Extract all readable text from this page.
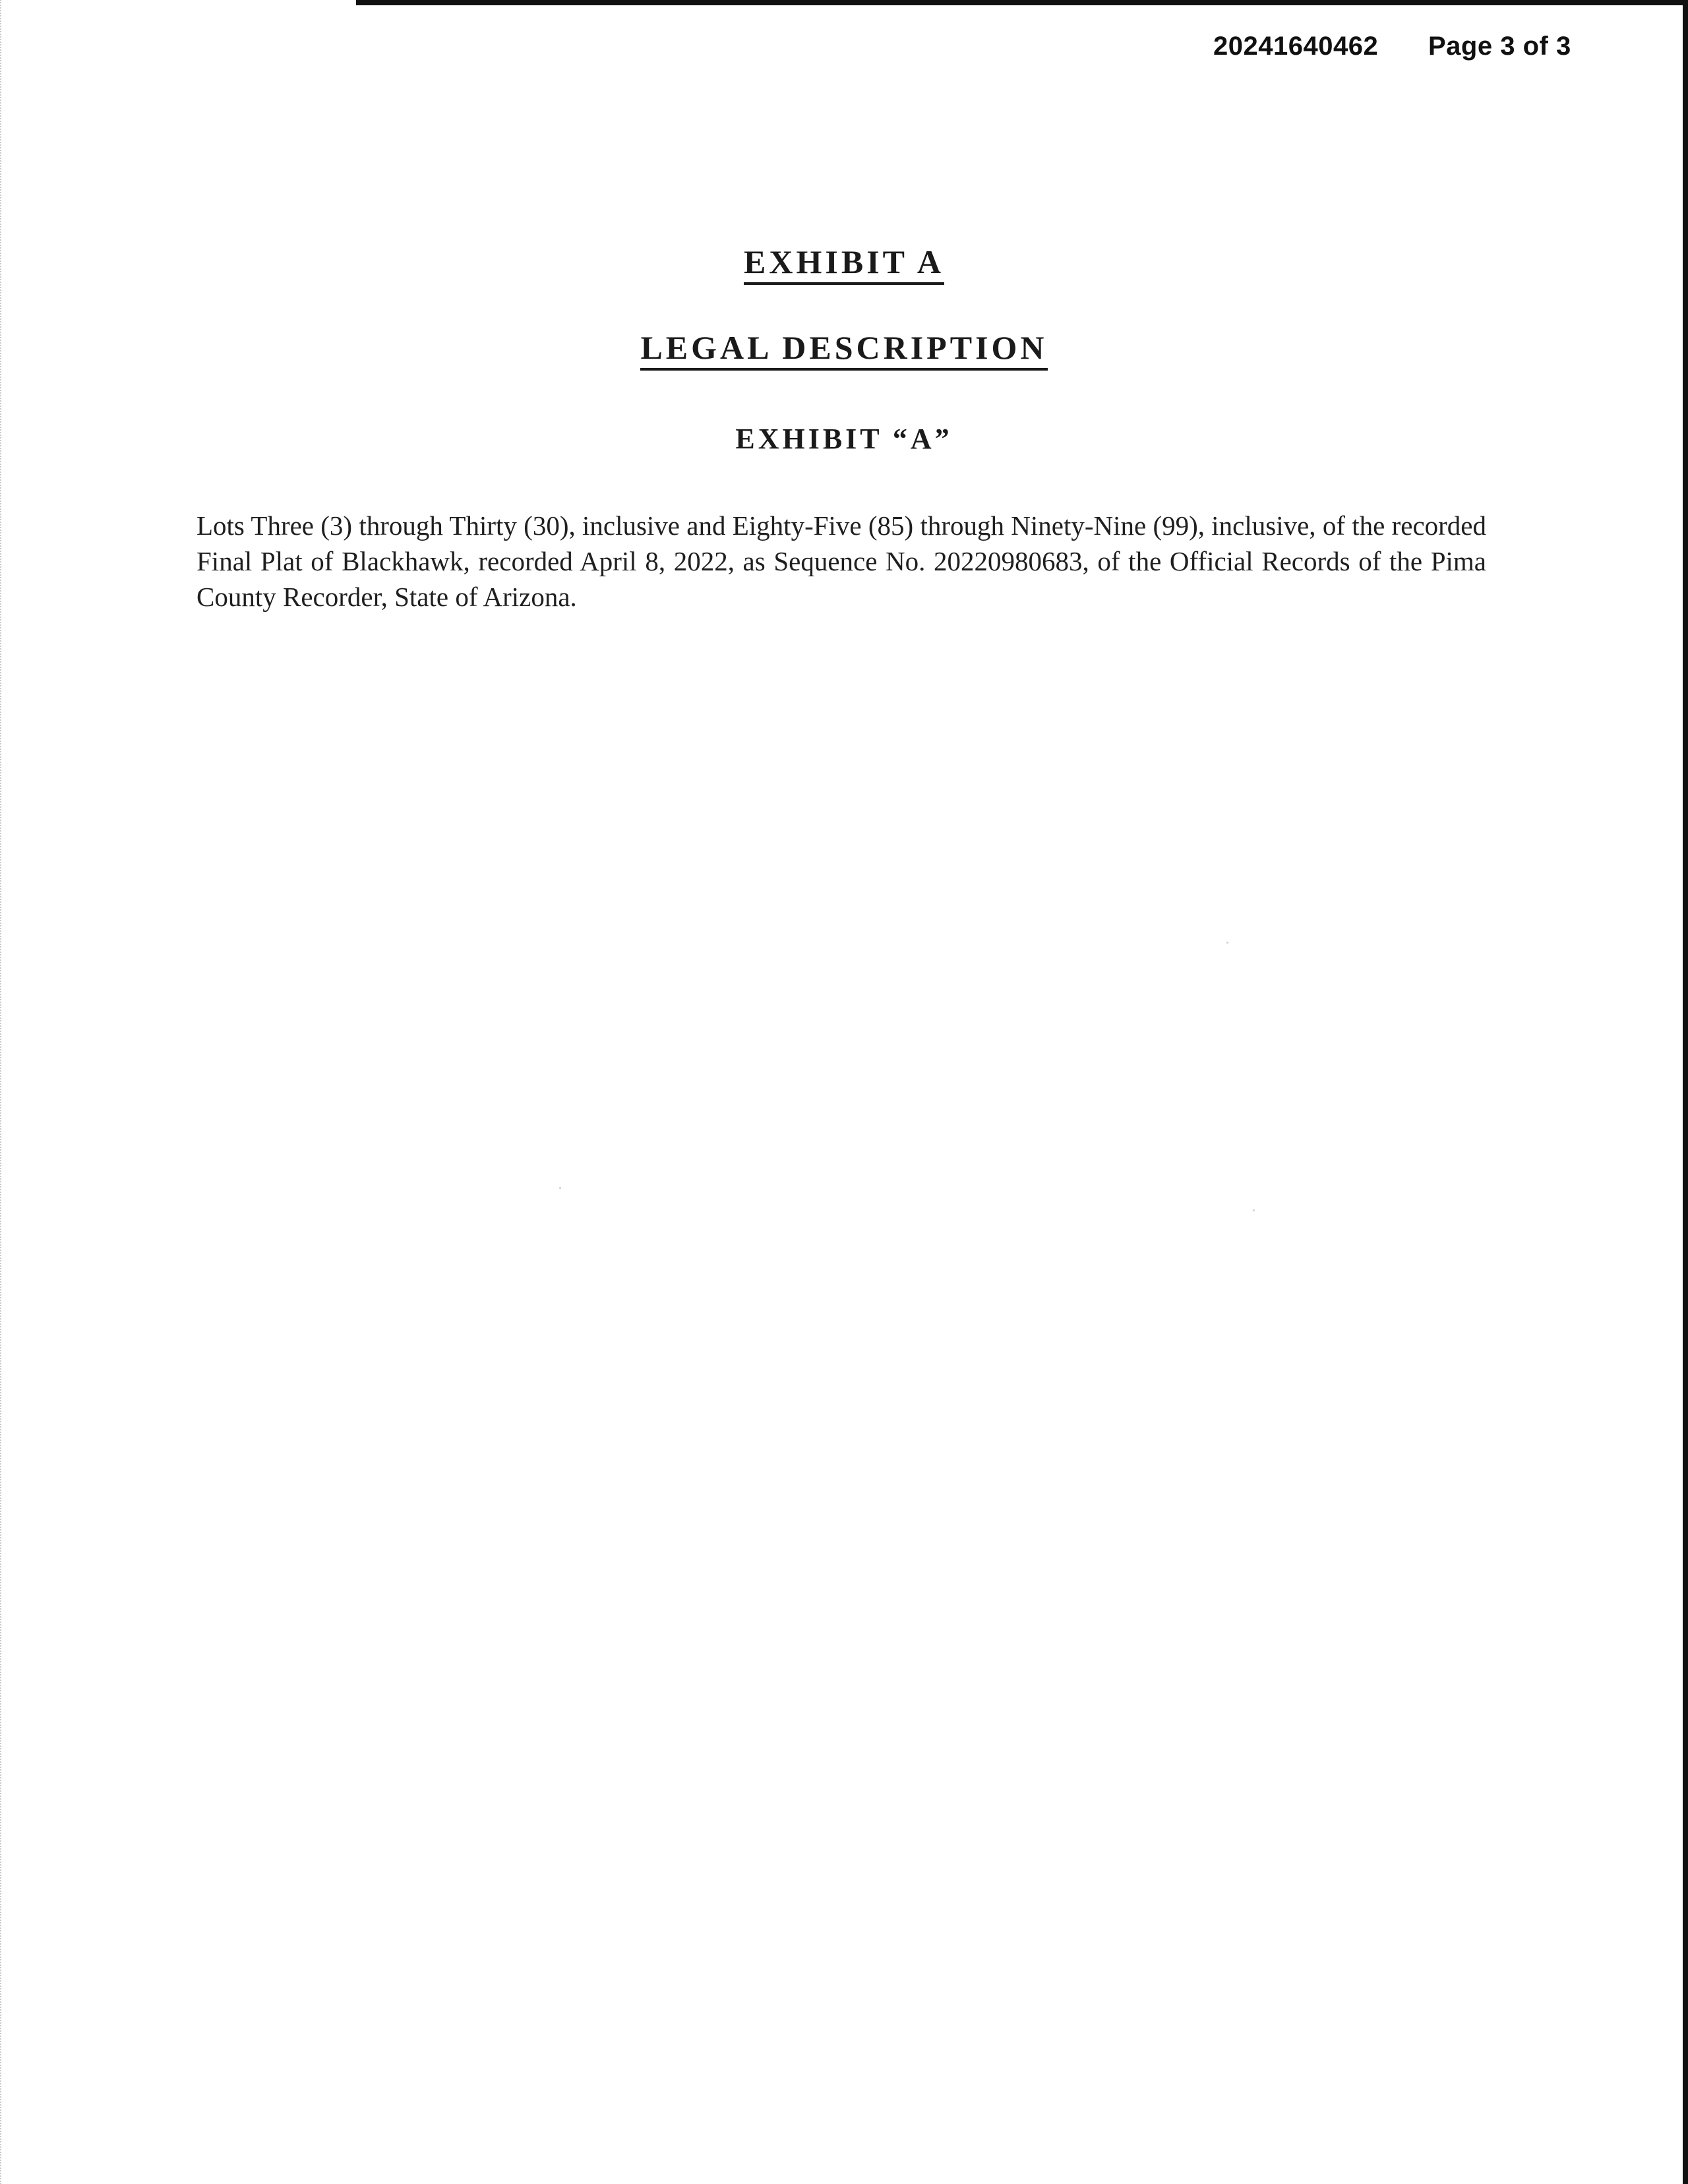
20241640462 Page 3 of 3
EXHIBIT A
LEGAL DESCRIPTION
EXHIBIT “A”
Lots Three (3) through Thirty (30), inclusive and Eighty-Five (85) through Ninety-Nine (99), inclusive, of the recorded Final Plat of Blackhawk, recorded April 8, 2022, as Sequence No. 20220980683, of the Official Records of the Pima County Recorder, State of Arizona.
